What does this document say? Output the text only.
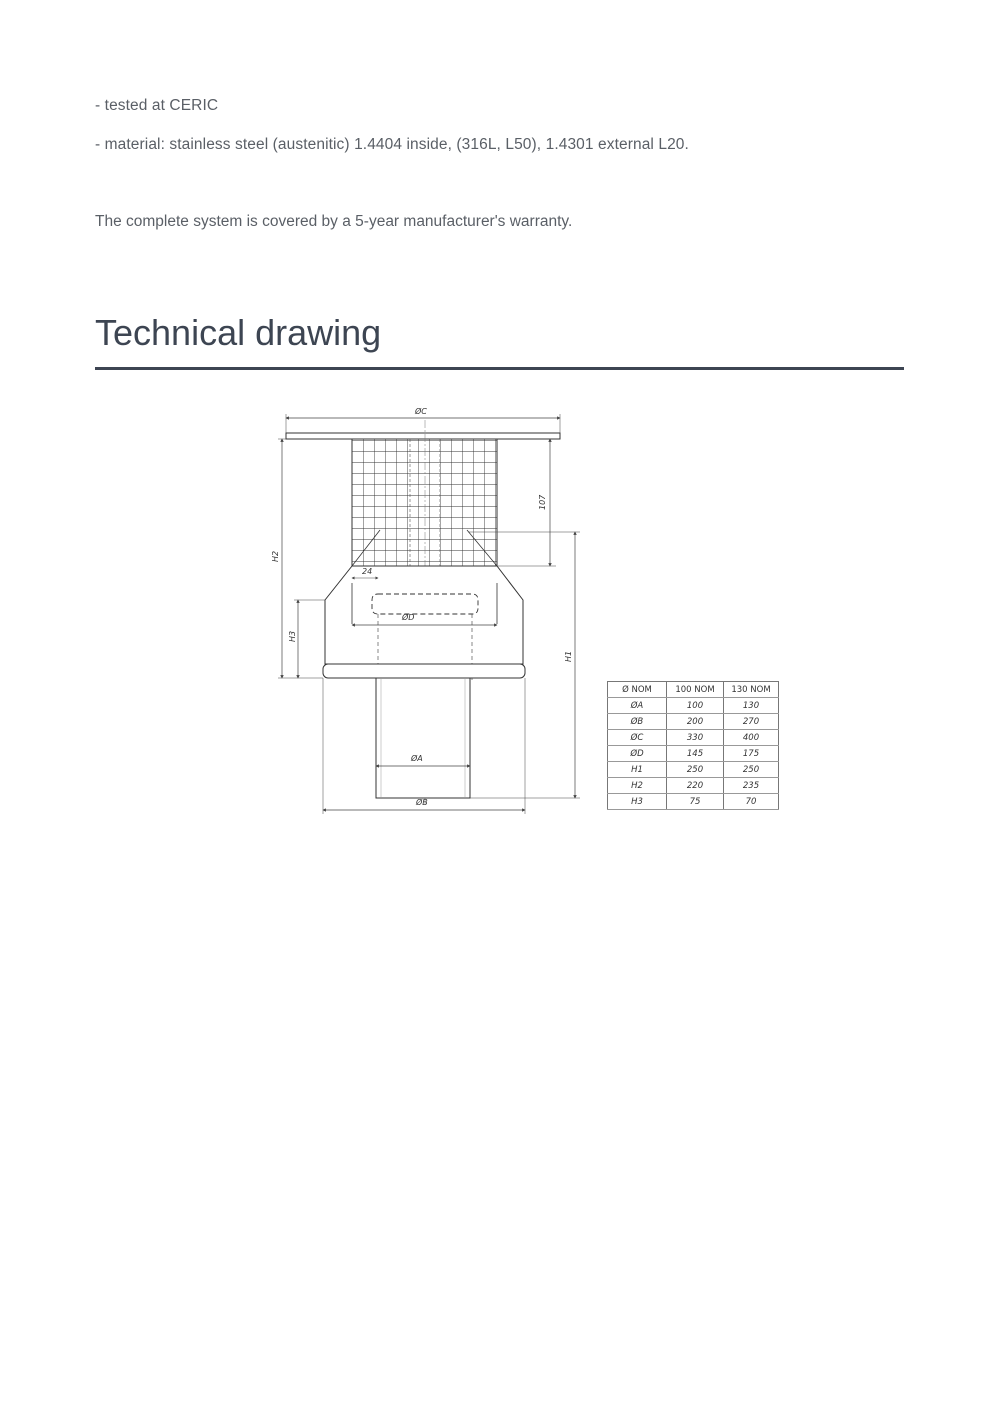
- tested at CERIC
- material: stainless steel (austenitic) 1.4404 inside, (316L, L50), 1.4301 external L20.
The complete system is covered by a 5-year manufacturer's warranty.
Technical drawing
ØC
ØD
ØA
ØB
24
107
H1
H2
H3
Ø NOM	100 NOM	130 NOM
ØA	100	130
ØB	200	270
ØC	330	400
ØD	145	175
H1	250	250
H2	220	235
H3	75	70
